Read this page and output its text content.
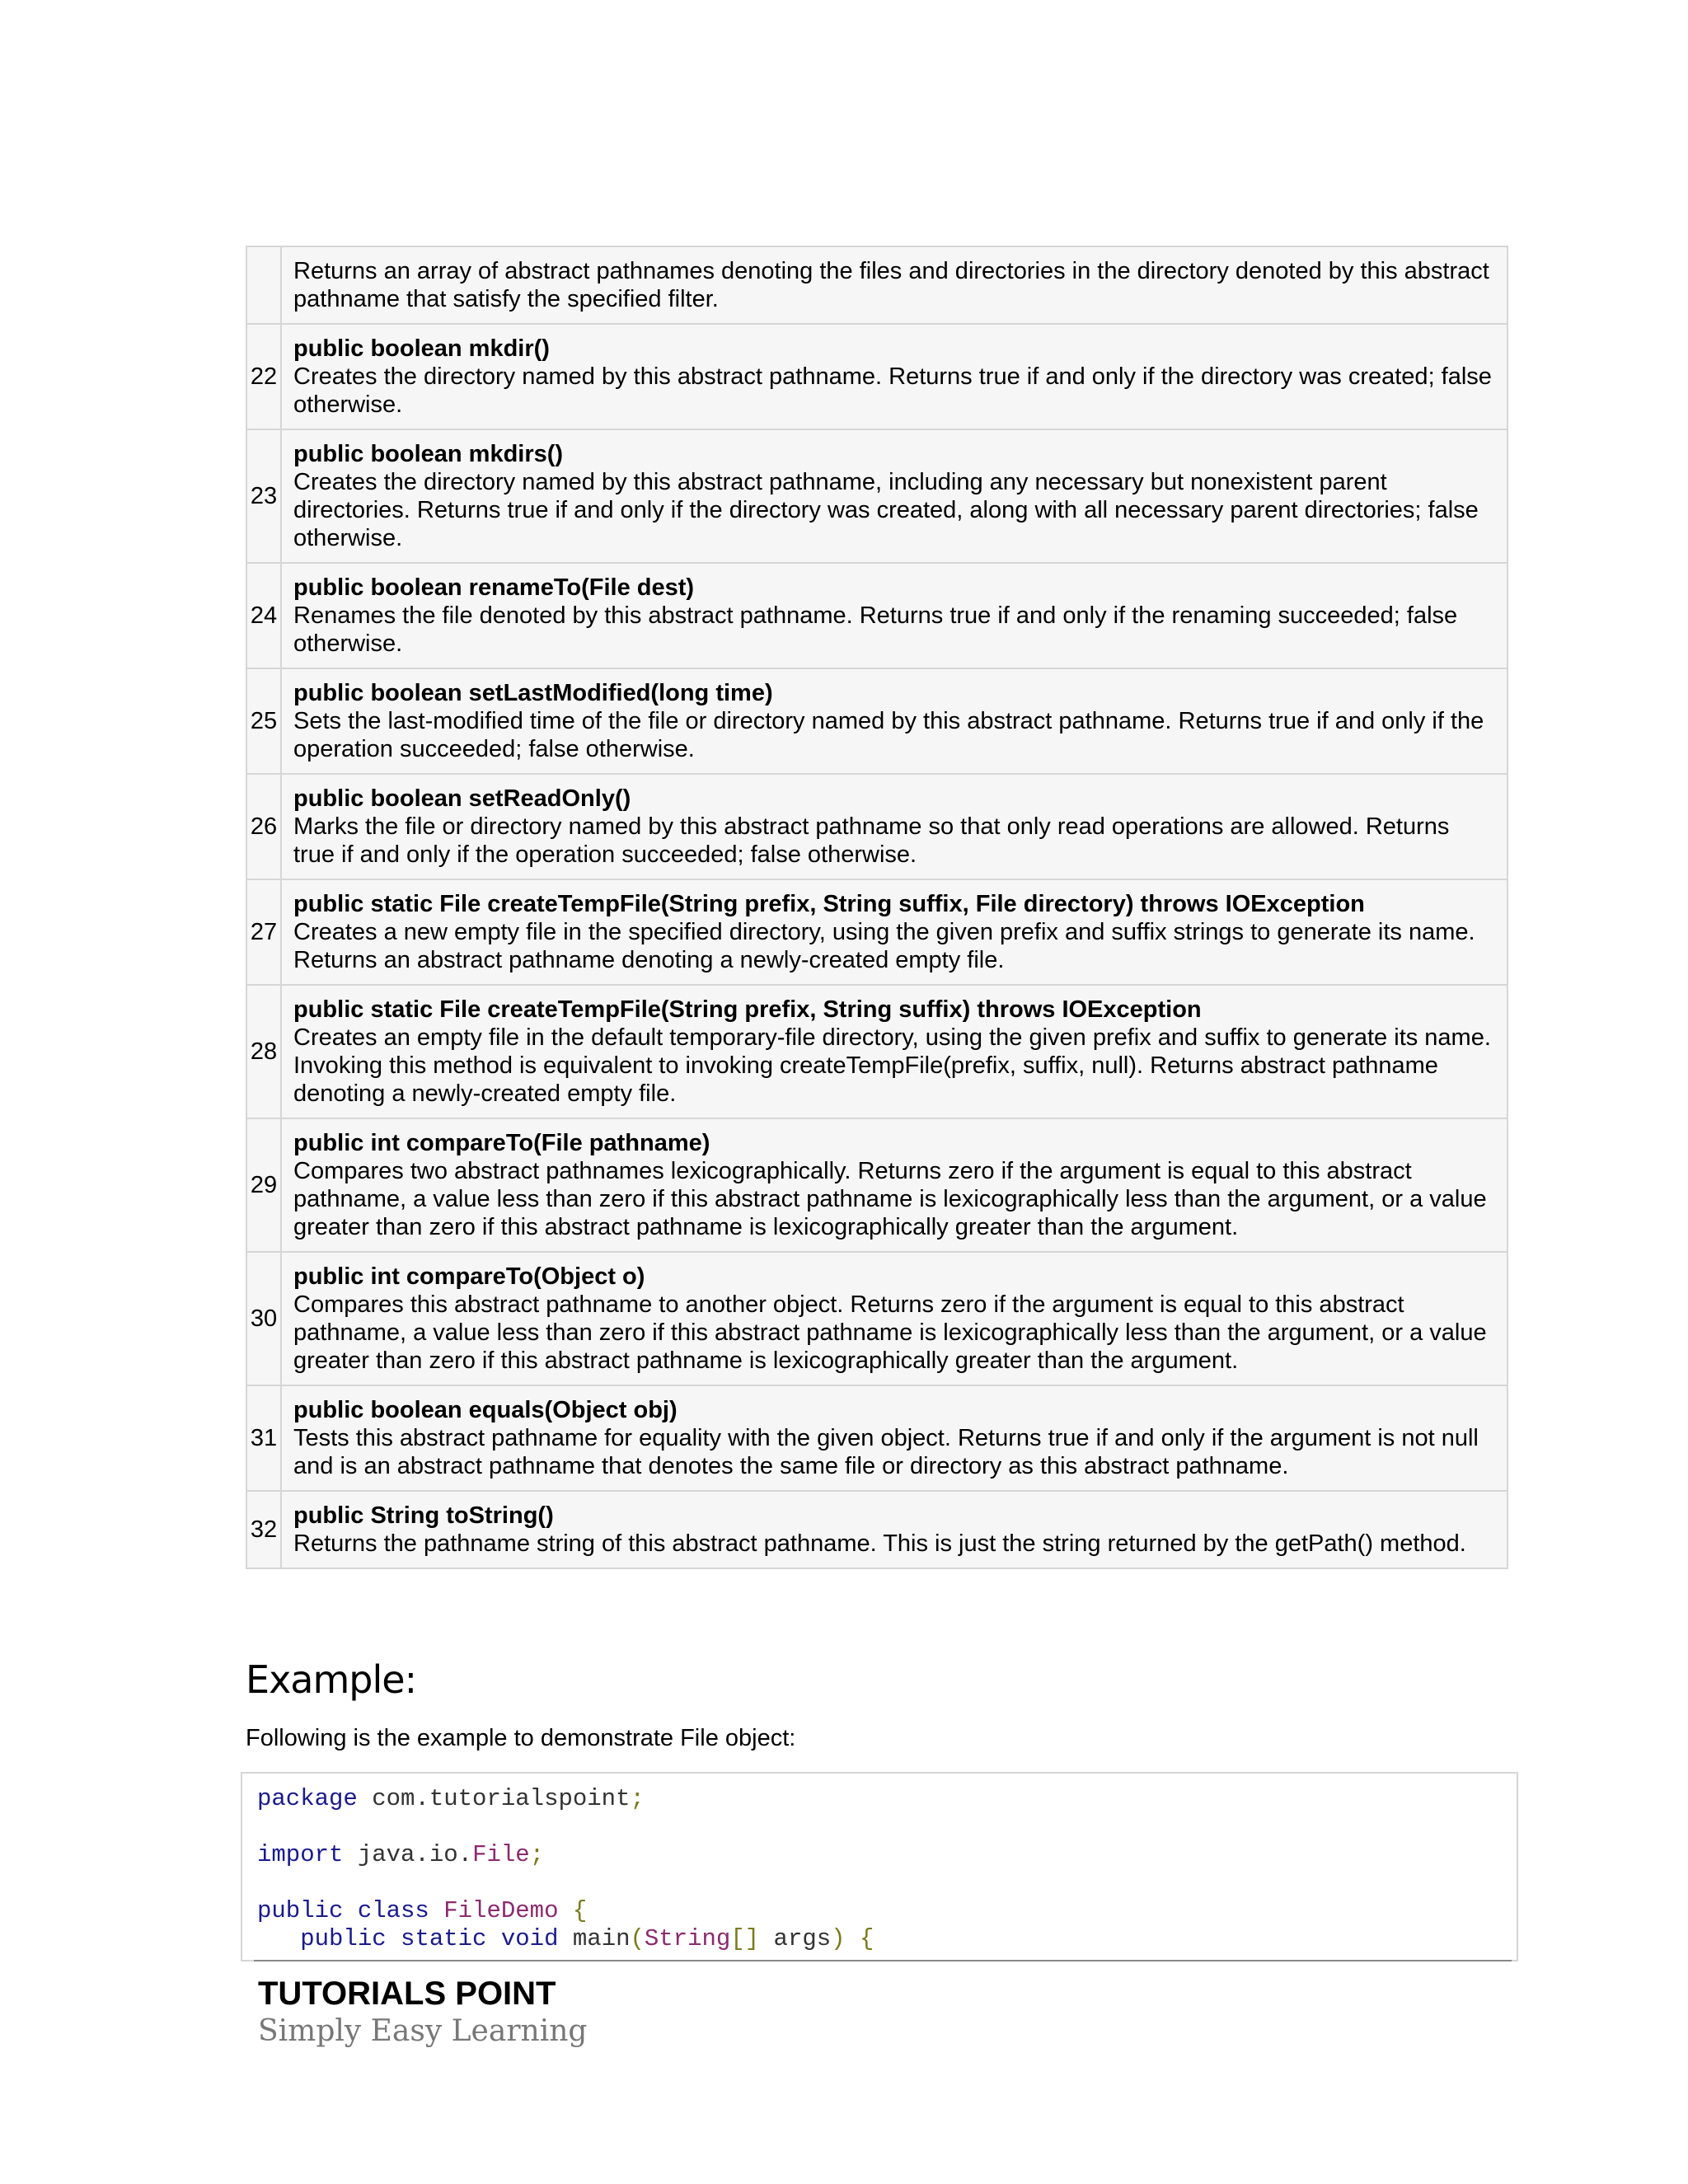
	Returns an array of abstract pathnames denoting the files and directories in the directory denoted by this abstract pathname that satisfy the specified filter.

22	public boolean mkdir()
Creates the directory named by this abstract pathname. Returns true if and only if the directory was created; false otherwise.

23	public boolean mkdirs()
Creates the directory named by this abstract pathname, including any necessary but nonexistent parent directories. Returns true if and only if the directory was created, along with all necessary parent directories; false otherwise.

24	public boolean renameTo(File dest)
Renames the file denoted by this abstract pathname. Returns true if and only if the renaming succeeded; false otherwise.

25	public boolean setLastModified(long time)
Sets the last-modified time of the file or directory named by this abstract pathname. Returns true if and only if the operation succeeded; false otherwise.

26	public boolean setReadOnly()
Marks the file or directory named by this abstract pathname so that only read operations are allowed. Returns true if and only if the operation succeeded; false otherwise.

27	public static File createTempFile(String prefix, String suffix, File directory) throws IOException
Creates a new empty file in the specified directory, using the given prefix and suffix strings to generate its name. Returns an abstract pathname denoting a newly-created empty file.

28	public static File createTempFile(String prefix, String suffix) throws IOException
Creates an empty file in the default temporary-file directory, using the given prefix and suffix to generate its name. Invoking this method is equivalent to invoking createTempFile(prefix, suffix, null). Returns abstract pathname denoting a newly-created empty file.

29	public int compareTo(File pathname)
Compares two abstract pathnames lexicographically. Returns zero if the argument is equal to this abstract pathname, a value less than zero if this abstract pathname is lexicographically less than the argument, or a value greater than zero if this abstract pathname is lexicographically greater than the argument.

30	public int compareTo(Object o)
Compares this abstract pathname to another object. Returns zero if the argument is equal to this abstract pathname, a value less than zero if this abstract pathname is lexicographically less than the argument, or a value greater than zero if this abstract pathname is lexicographically greater than the argument.

31	public boolean equals(Object obj)
Tests this abstract pathname for equality with the given object. Returns true if and only if the argument is not null and is an abstract pathname that denotes the same file or directory as this abstract pathname.

32	public String toString()
Returns the pathname string of this abstract pathname. This is just the string returned by the getPath() method.
Example:

Following is the example to demonstrate File object:

package com.tutorialspoint;

import java.io.File;

public class FileDemo {
public static void main(String[] args) {

TUTORIALS POINT

Simply Easy Learning
